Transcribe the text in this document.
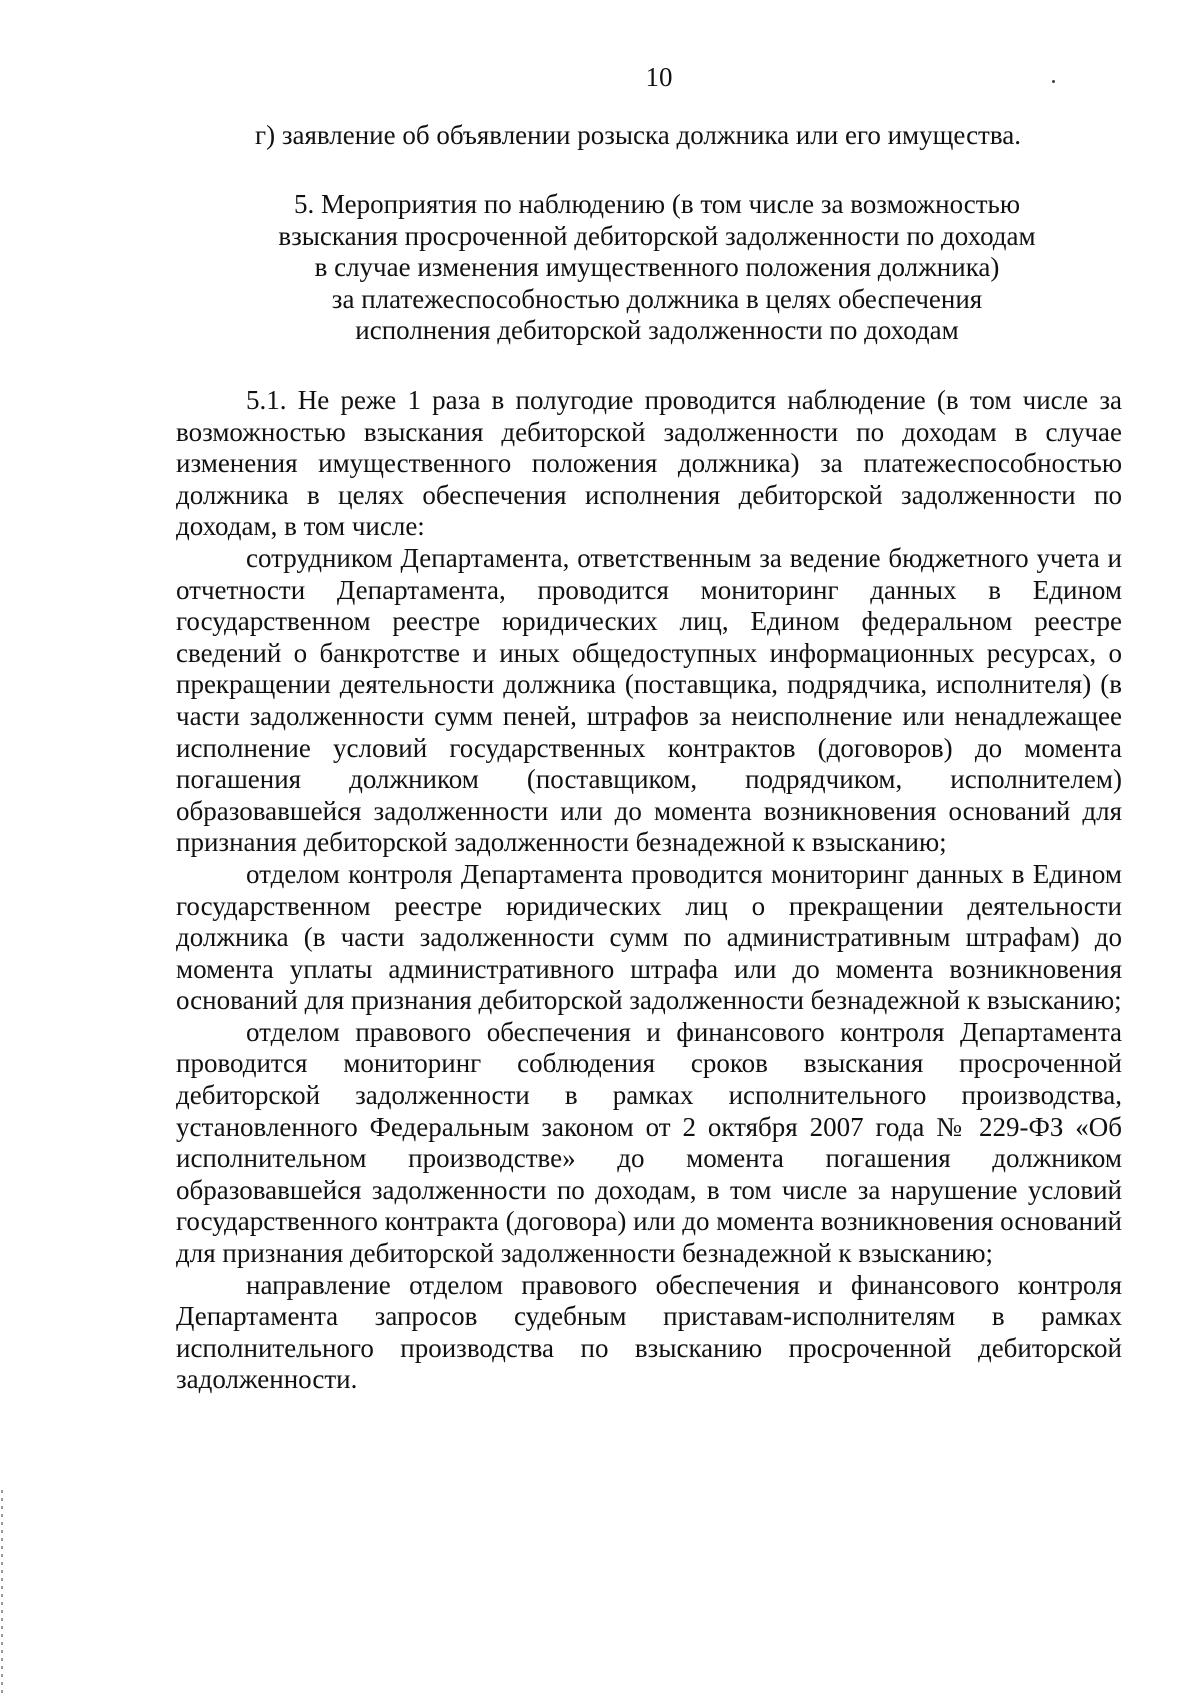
10
г) заявление об объявлении розыска должника или его имущества.
5. Мероприятия по наблюдению (в том числе за возможностью
взыскания просроченной дебиторской задолженности по доходам
в случае изменения имущественного положения должника)
за платежеспособностью должника в целях обеспечения
исполнения дебиторской задолженности по доходам

5.1. Не реже 1 раза в полугодие проводится наблюдение (в том числе за возможностью взыскания дебиторской задолженности по доходам в случае изменения имущественного положения должника) за платежеспособностью должника в целях обеспечения исполнения дебиторской задолженности по доходам, в том числе:

сотрудником Департамента, ответственным за ведение бюджетного учета и отчетности Департамента, проводится мониторинг данных в Едином государственном реестре юридических лиц, Едином федеральном реестре сведений о банкротстве и иных общедоступных информационных ресурсах, о прекращении деятельности должника (поставщика, подрядчика, исполнителя) (в части задолженности сумм пеней, штрафов за неисполнение или ненадлежащее исполнение условий государственных контрактов (договоров) до момента погашения должником (поставщиком, подрядчиком, исполнителем) образовавшейся задолженности или до момента возникновения оснований для признания дебиторской задолженности безнадежной к взысканию;

отделом контроля Департамента проводится мониторинг данных в Едином государственном реестре юридических лиц о прекращении деятельности должника (в части задолженности сумм по административным штрафам) до момента уплаты административного штрафа или до момента возникновения оснований для признания дебиторской задолженности безнадежной к взысканию;

отделом правового обеспечения и финансового контроля Департамента проводится мониторинг соблюдения сроков взыскания просроченной дебиторской задолженности в рамках исполнительного производства, установленного Федеральным законом от 2 октября 2007 года № 229-ФЗ «Об исполнительном производстве» до момента погашения должником образовавшейся задолженности по доходам, в том числе за нарушение условий государственного контракта (договора) или до момента возникновения оснований для признания дебиторской задолженности безнадежной к взысканию;

направление отделом правового обеспечения и финансового контроля Департамента запросов судебным приставам-исполнителям в рамках исполнительного производства по взысканию просроченной дебиторской задолженности.
